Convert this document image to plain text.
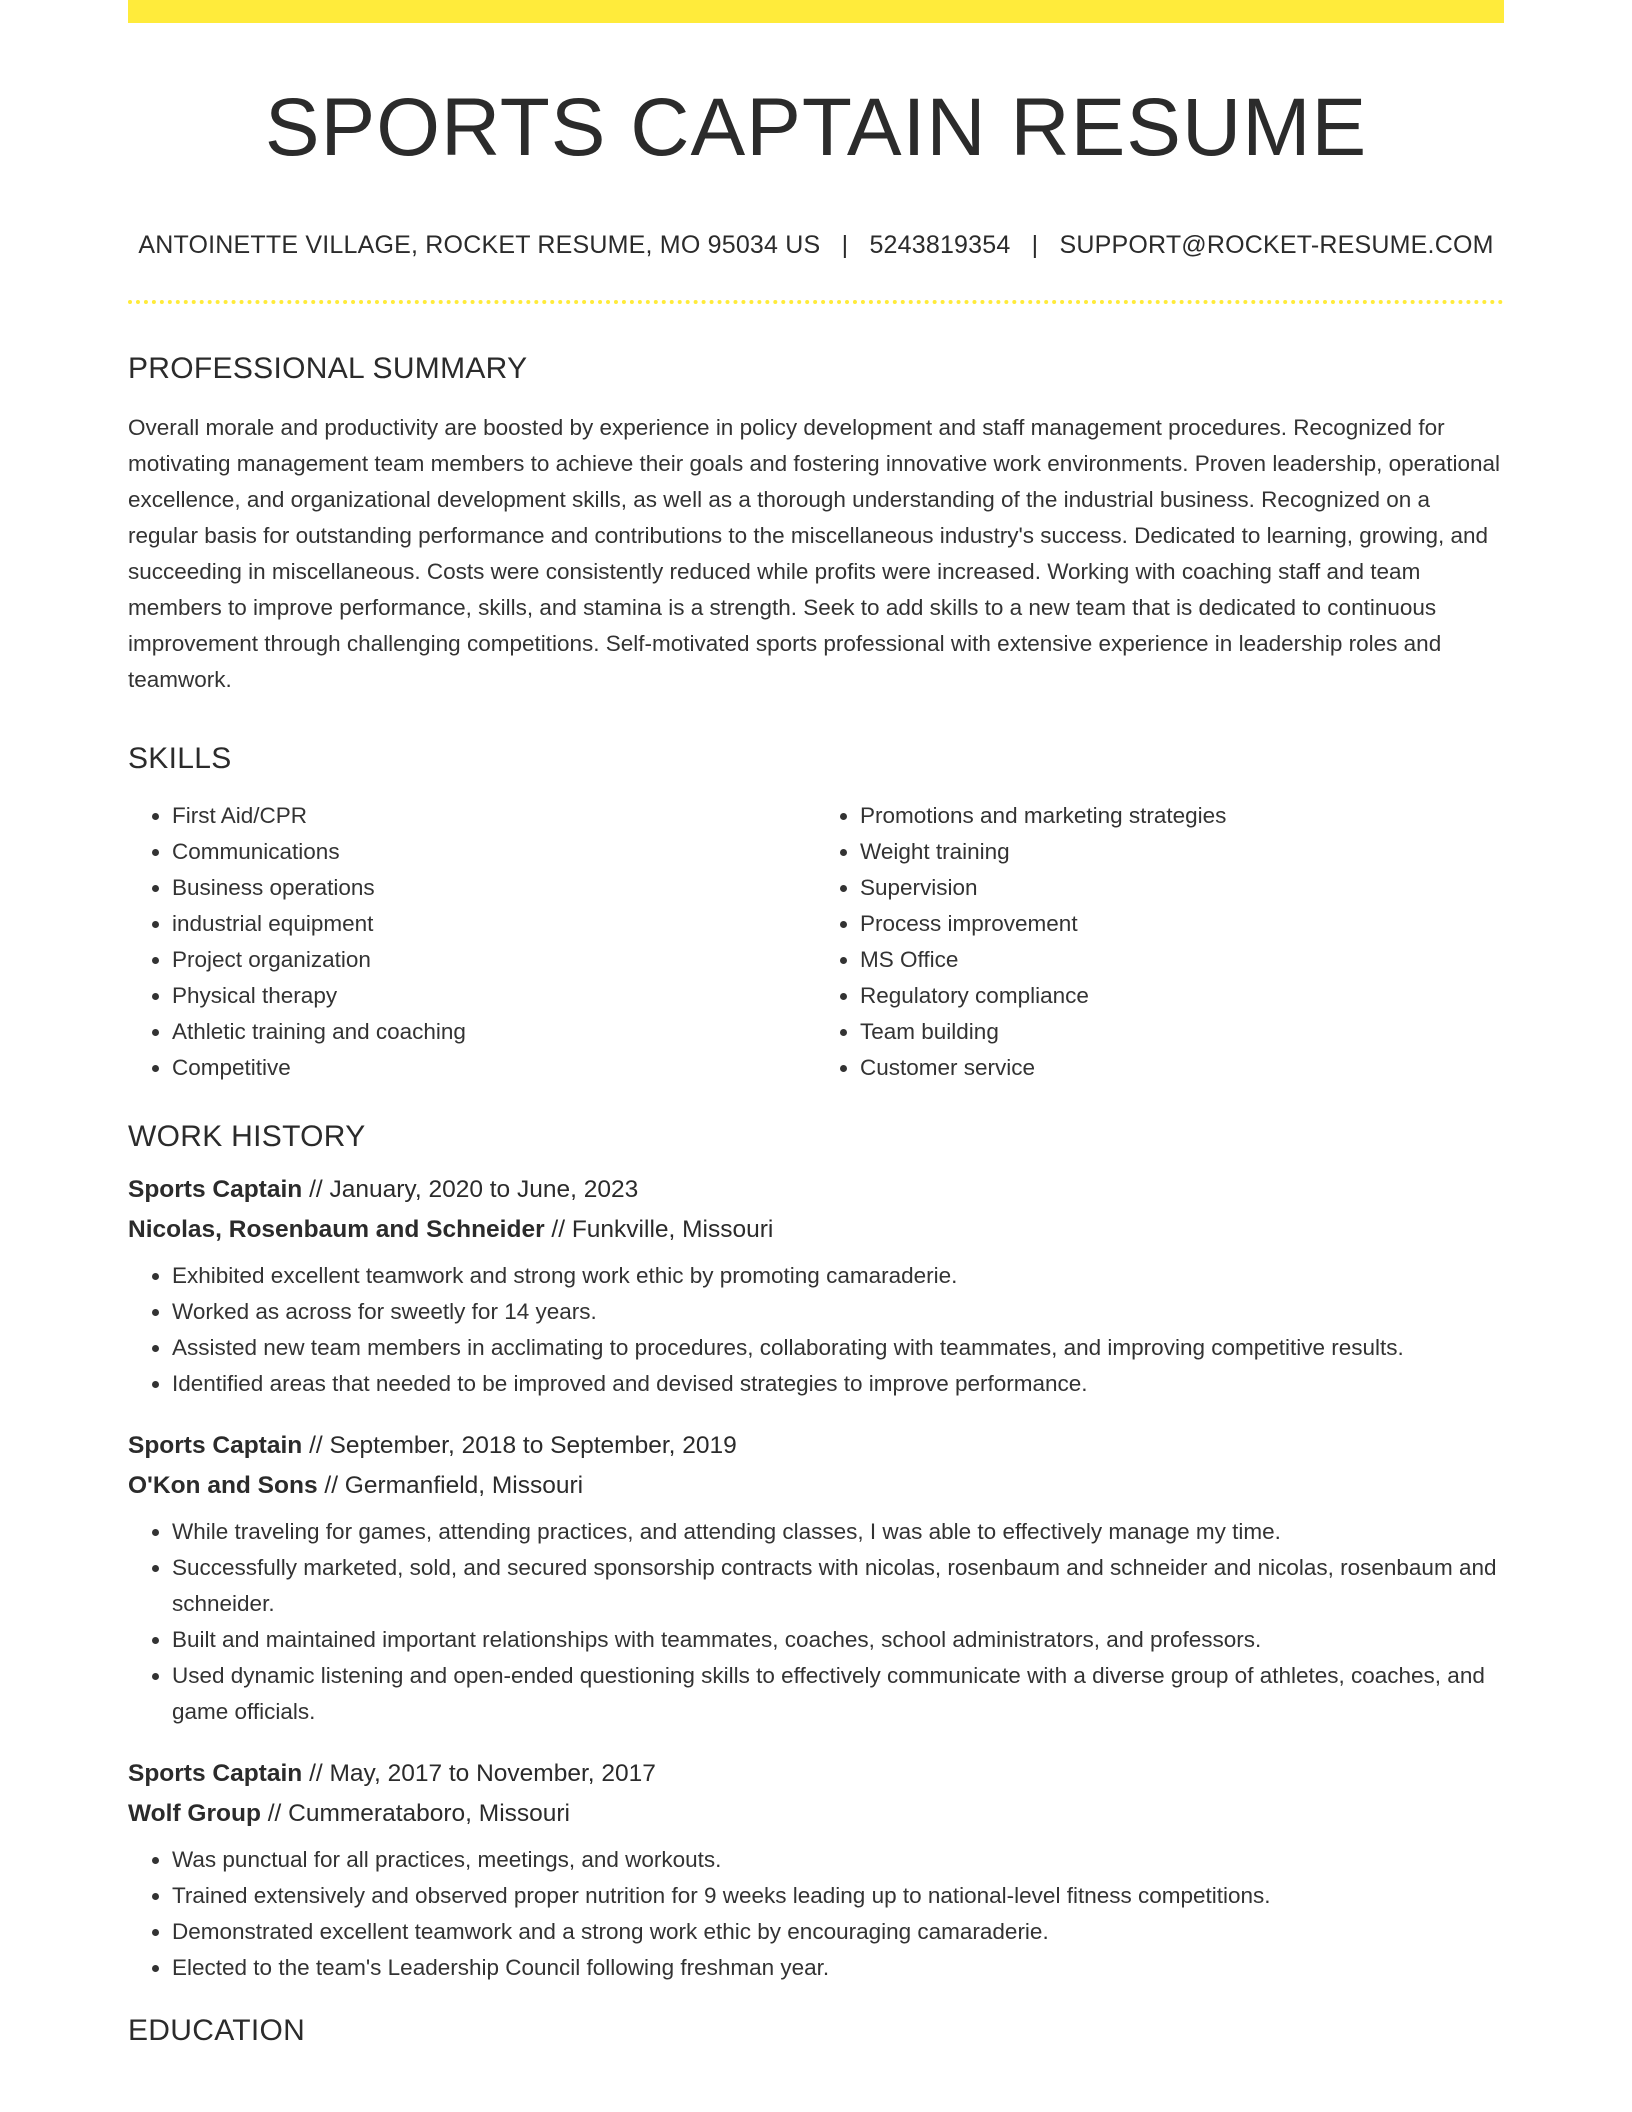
SPORTS CAPTAIN RESUME
ANTOINETTE VILLAGE, ROCKET RESUME, MO 95034 US | 5243819354 | SUPPORT@ROCKET-RESUME.COM
PROFESSIONAL SUMMARY

Overall morale and productivity are boosted by experience in policy development and staff management procedures. Recognized for motivating management team members to achieve their goals and fostering innovative work environments. Proven leadership, operational excellence, and organizational development skills, as well as a thorough understanding of the industrial business. Recognized on a regular basis for outstanding performance and contributions to the miscellaneous industry's success. Dedicated to learning, growing, and succeeding in miscellaneous. Costs were consistently reduced while profits were increased. Working with coaching staff and team members to improve performance, skills, and stamina is a strength. Seek to add skills to a new team that is dedicated to continuous improvement through challenging competitions. Self-motivated sports professional with extensive experience in leadership roles and teamwork.

SKILLS
• First Aid/CPR
• Communications
• Business operations
• industrial equipment
• Project organization
• Physical therapy
• Athletic training and coaching
• Competitive
• Promotions and marketing strategies
• Weight training
• Supervision
• Process improvement
• MS Office
• Regulatory compliance
• Team building
• Customer service
WORK HISTORY
Sports Captain // January, 2020 to June, 2023
Nicolas, Rosenbaum and Schneider // Funkville, Missouri
• Exhibited excellent teamwork and strong work ethic by promoting camaraderie.
• Worked as across for sweetly for 14 years.
• Assisted new team members in acclimating to procedures, collaborating with teammates, and improving competitive results.
• Identified areas that needed to be improved and devised strategies to improve performance.
Sports Captain // September, 2018 to September, 2019
O'Kon and Sons // Germanfield, Missouri
• While traveling for games, attending practices, and attending classes, I was able to effectively manage my time.
• Successfully marketed, sold, and secured sponsorship contracts with nicolas, rosenbaum and schneider and nicolas, rosenbaum and schneider.
• Built and maintained important relationships with teammates, coaches, school administrators, and professors.
• Used dynamic listening and open-ended questioning skills to effectively communicate with a diverse group of athletes, coaches, and game officials.
Sports Captain // May, 2017 to November, 2017
Wolf Group // Cummerataboro, Missouri
• Was punctual for all practices, meetings, and workouts.
• Trained extensively and observed proper nutrition for 9 weeks leading up to national-level fitness competitions.
• Demonstrated excellent teamwork and a strong work ethic by encouraging camaraderie.
• Elected to the team's Leadership Council following freshman year.
EDUCATION
